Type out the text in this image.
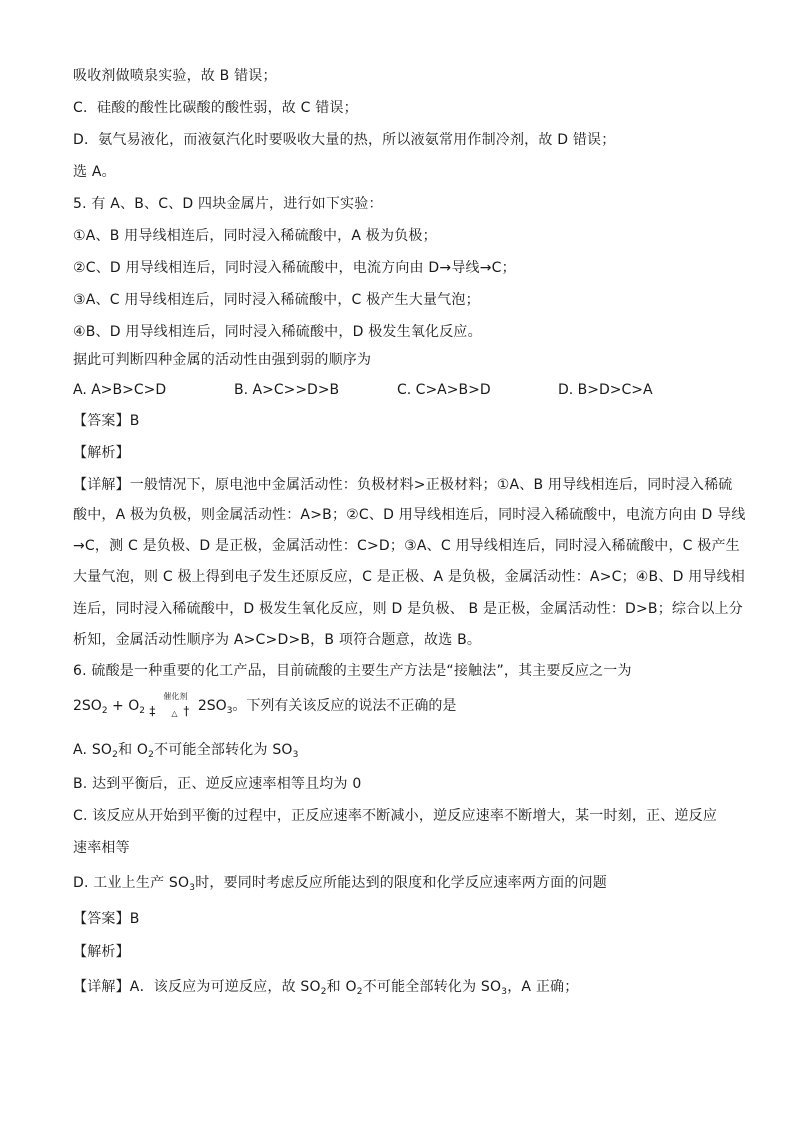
吸收剂做喷泉实验，故 B 错误；
C．硅酸的酸性比碳酸的酸性弱，故 C 错误；
D．氨气易液化，而液氨汽化时要吸收大量的热，所以液氨常用作制冷剂，故 D 错误；
选 A。
5. 有 A、B、C、D 四块金属片，进行如下实验：
①A、B 用导线相连后，同时浸入稀硫酸中，A 极为负极；
②C、D 用导线相连后，同时浸入稀硫酸中，电流方向由 D→导线→C；
③A、C 用导线相连后，同时浸入稀硫酸中，C 极产生大量气泡；
④B、D 用导线相连后，同时浸入稀硫酸中，D 极发生氧化反应。
据此可判断四种金属的活动性由强到弱的顺序为
A. A>B>C>D	B. A>C>>D>B	C. C>A>B>D	D. B>D>C>A
【答案】B
【解析】
【详解】一般情况下，原电池中金属活动性：负极材料>正极材料；①A、B 用导线相连后，同时浸入稀硫
酸中，A 极为负极，则金属活动性：A>B；②C、D 用导线相连后，同时浸入稀硫酸中，电流方向由 D 导线
→C，测 C 是负极、D 是正极，金属活动性：C>D；③A、C 用导线相连后，同时浸入稀硫酸中，C 极产生
大量气泡，则 C 极上得到电子发生还原反应，C 是正极、A 是负极，金属活动性：A>C；④B、D 用导线相
连后，同时浸入稀硫酸中，D 极发生氧化反应，则 D 是负极、 B 是正极，金属活动性：D>B；综合以上分
析知，金属活动性顺序为 A>C>D>B，B 项符合题意，故选 B。
6. 硫酸是一种重要的化工产品，目前硫酸的主要生产方法是“接触法”，其主要反应之一为
$2SO_2 + O_2$ ‡
催化剂
△ † $2SO_3$。下列有关该反应的说法不正确的是
A. $SO_2$和 $O_2$不可能全部转化为 $SO_3$
B. 达到平衡后，正、逆反应速率相等且均为 0
C. 该反应从开始到平衡的过程中，正反应速率不断减小，逆反应速率不断增大，某一时刻，正、逆反应
速率相等
D. 工业上生产 $SO_3$时，要同时考虑反应所能达到的限度和化学反应速率两方面的问题
【答案】B
【解析】
【详解】A．该反应为可逆反应，故 $SO_2$和 $O_2$不可能全部转化为 $SO_3$，A 正确；
